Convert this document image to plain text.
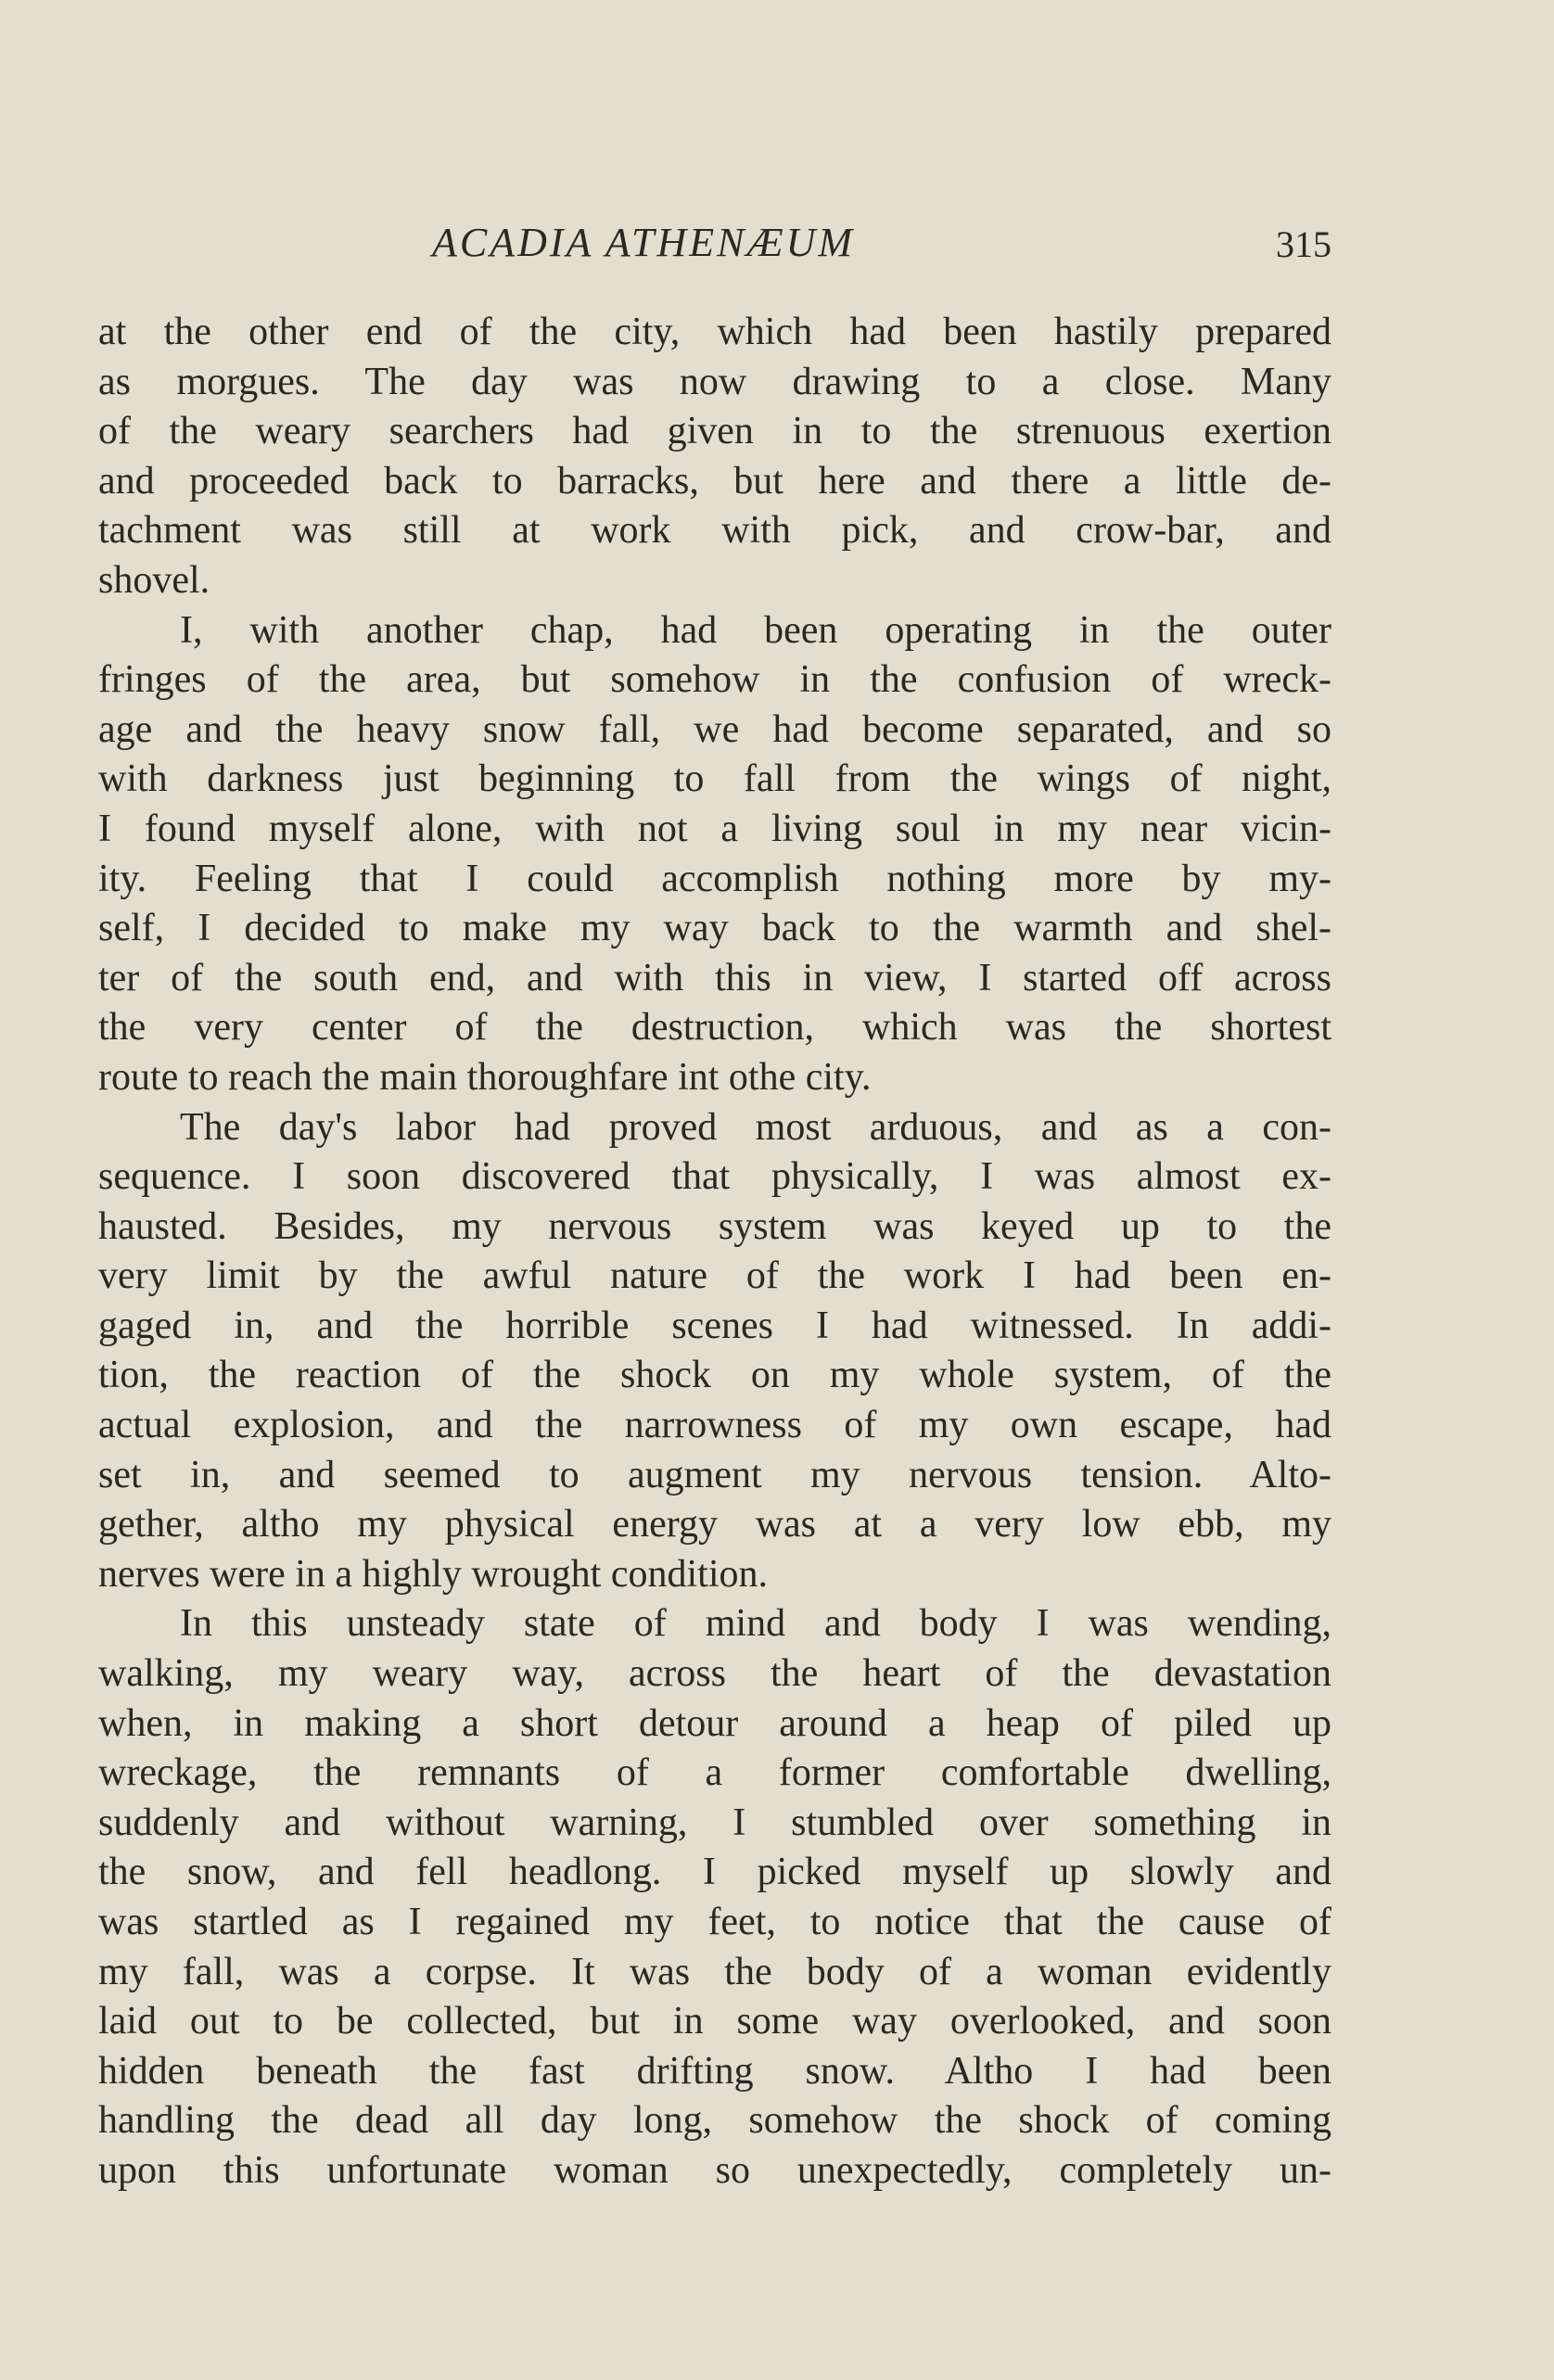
ACADIA ATHENÆUM	315
at the other end of the city, which had been hastily prepared
as morgues. The day was now drawing to a close. Many
of the weary searchers had given in to the strenuous exertion
and proceeded back to barracks, but here and there a little de-
tachment was still at work with pick, and crow-bar, and
shovel.
I, with another chap, had been operating in the outer
fringes of the area, but somehow in the confusion of wreck-
age and the heavy snow fall, we had become separated, and so
with darkness just beginning to fall from the wings of night,
I found myself alone, with not a living soul in my near vicin-
ity. Feeling that I could accomplish nothing more by my-
self, I decided to make my way back to the warmth and shel-
ter of the south end, and with this in view, I started off across
the very center of the destruction, which was the shortest
route to reach the main thoroughfare int othe city.
The day's labor had proved most arduous, and as a con-
sequence. I soon discovered that physically, I was almost ex-
hausted. Besides, my nervous system was keyed up to the
very limit by the awful nature of the work I had been en-
gaged in, and the horrible scenes I had witnessed. In addi-
tion, the reaction of the shock on my whole system, of the
actual explosion, and the narrowness of my own escape, had
set in, and seemed to augment my nervous tension. Alto-
gether, altho my physical energy was at a very low ebb, my
nerves were in a highly wrought condition.
In this unsteady state of mind and body I was wending,
walking, my weary way, across the heart of the devastation
when, in making a short detour around a heap of piled up
wreckage, the remnants of a former comfortable dwelling,
suddenly and without warning, I stumbled over something in
the snow, and fell headlong. I picked myself up slowly and
was startled as I regained my feet, to notice that the cause of
my fall, was a corpse. It was the body of a woman evidently
laid out to be collected, but in some way overlooked, and soon
hidden beneath the fast drifting snow. Altho I had been
handling the dead all day long, somehow the shock of coming
upon this unfortunate woman so unexpectedly, completely un-
